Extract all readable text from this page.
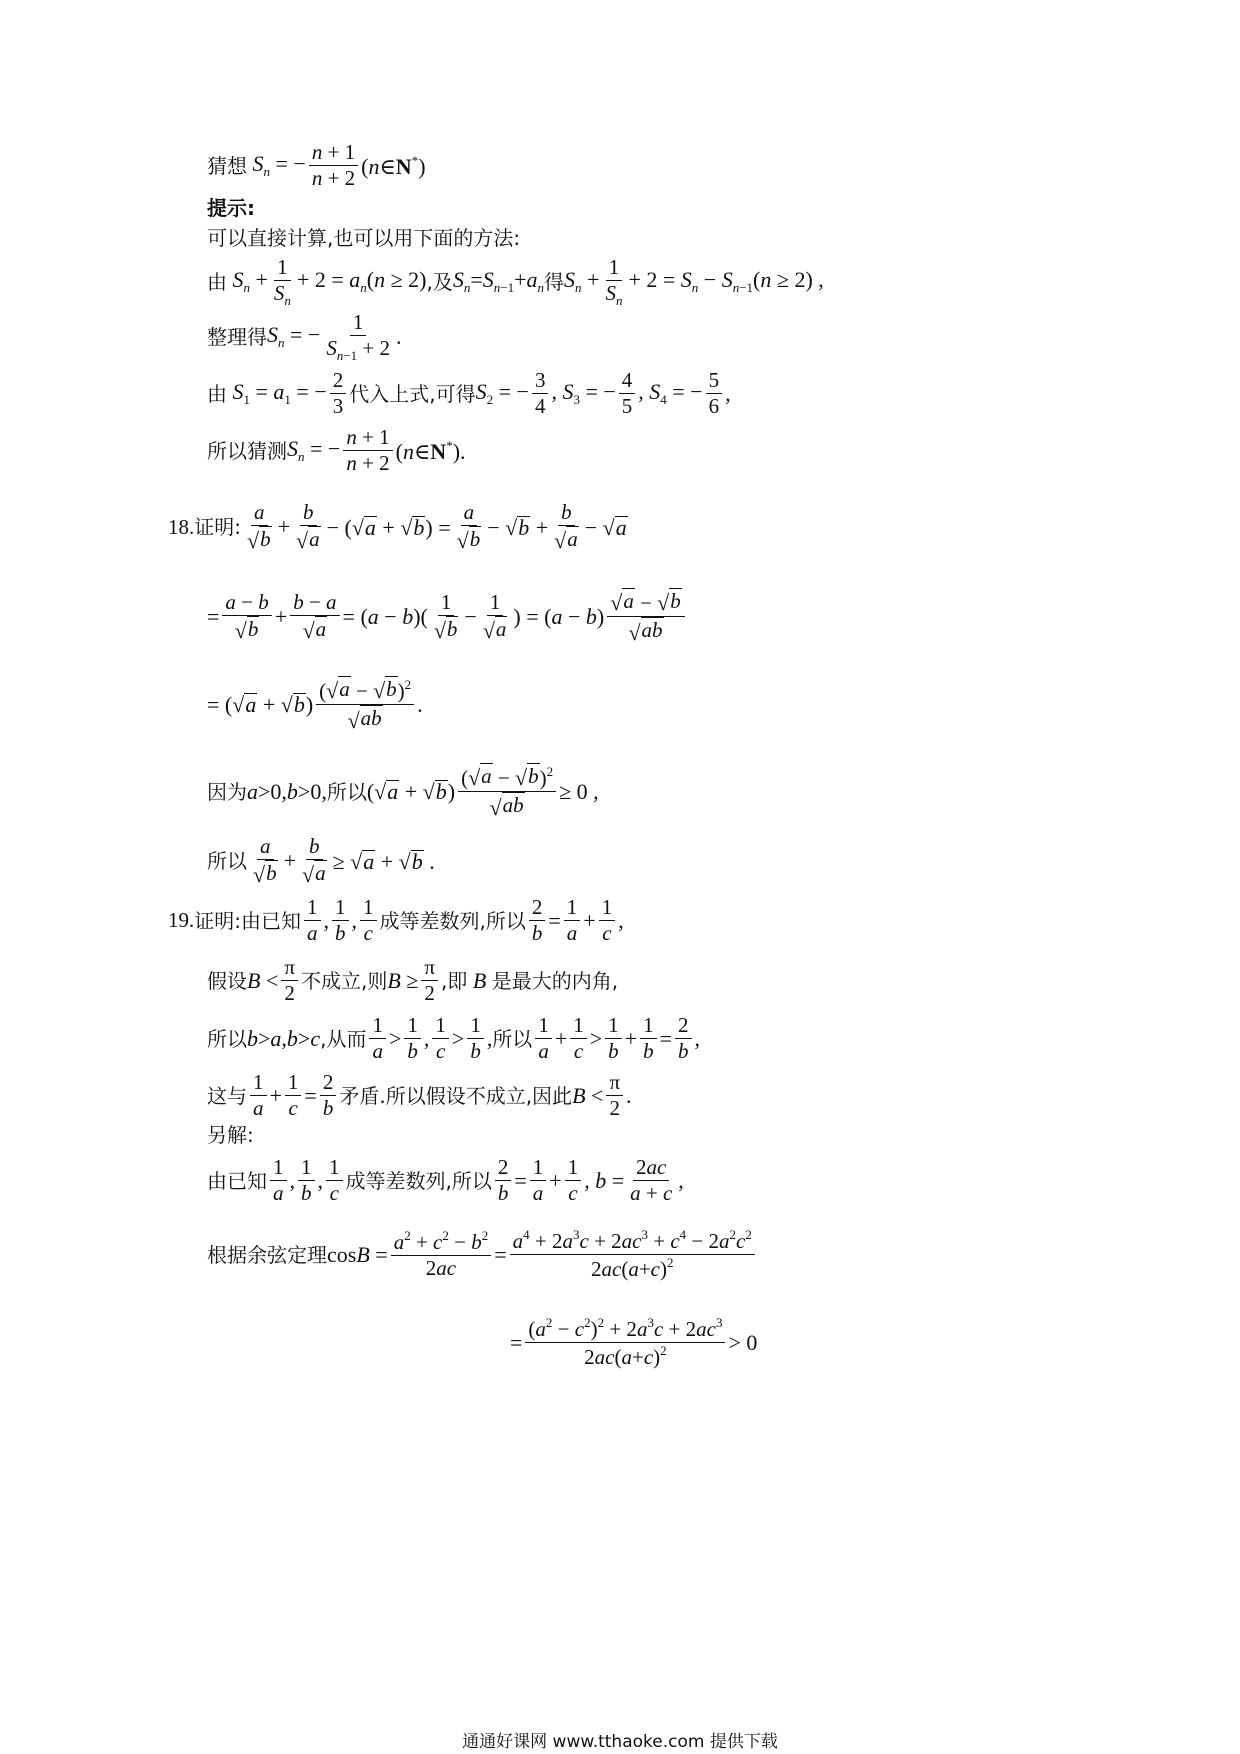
猜想 $S_n$ = − $\frac{n + 1}{n + 2}$ (n∈N*)
提示:
可以直接计算,也可以用下面的方法:
由 $S_n + \frac{1}{S_n} + 2 = a_n(n \ge 2)$ ,及 $S_n=S_{n-1}+a_n$ 得 $S_n + \frac{1}{S_n} + 2 = S_n - S_{n-1}(n \ge 2)$ ,
整理得 $S_n$ = − $\frac{1}{S_{n-1} + 2}$ .
由 $S_1 = a_1$ = − $\frac{2}{3}$ 代入上式,可得 $S_2$ = − $\frac{3}{4}$ , $S_3$ = − $\frac{4}{5}$ , $S_4$ = − $\frac{5}{6}$ ,
所以猜测 $S_n$ = − $\frac{n + 1}{n + 2}$ (n∈N*).
18. 证明: $\frac{a}{√ b} + \frac{b}{√ a}$ − ( √ a + √ b ) = $\frac{a}{√ b}$ − √ $b + \frac{b}{√ a}$ − √ a
= $\frac{a - b}{√ b} + \frac{b - a}{√ a} = (a - b)( \frac{1}{√ b} - \frac{1}{√ a}$ ) = $(a - b) \frac{√ a - √ b}{√ ab}$
= ( √ a + √ b ) $\frac{( √ a - √ b )^2}{√ ab}$ .
因为 a>0,b>0, 所以 ( √ a + √ b ) $\frac{( √ a - √ b )^2}{√ ab} \ge 0$ ,
所以 $\frac{a}{√ b} + \frac{b}{√ a}$ ≥ √ a + √ b .
19. 证明:由已知 $\frac{1}{a}$ , $\frac{1}{b}$ , $\frac{1}{c}$ 成等差数列,所以 $\frac{2}{b} = \frac{1}{a} + \frac{1}{c}$ ,
假设 $B < \frac{\pi}{2}$ 不成立,则 $B \ge \frac{\pi}{2}$ ,即 B 是最大的内角,
所以 b>a,b>c ,从而 $\frac{1}{a} > \frac{1}{b}$ , $\frac{1}{c} > \frac{1}{b}$ , 所以 $\frac{1}{a} + \frac{1}{c} > \frac{1}{b} + \frac{1}{b} = \frac{2}{b}$ ,
这与 $\frac{1}{a} + \frac{1}{c} = \frac{2}{b}$ 矛盾.所以假设不成立,因此 $B < \frac{\pi}{2}$ .
另解:
由已知 $\frac{1}{a}$ , $\frac{1}{b}$ , $\frac{1}{c}$ 成等差数列,所以 $\frac{2}{b} = \frac{1}{a} + \frac{1}{c}$ , $b = \frac{2ac}{a + c}$ ,
根据余弦定理 $\cos B = \frac{a^2 + c^2 - b^2}{2ac} = \frac{a^4 + 2a^3c + 2ac^3 + c^4 - 2a^2c^2}{2ac(a+c)^2}$
= $\frac{(a^2 - c^2)^2 + 2a^3c + 2ac^3}{2ac(a+c)^2} > 0$
通通好课网 www.tthaoke.com 提供下载
